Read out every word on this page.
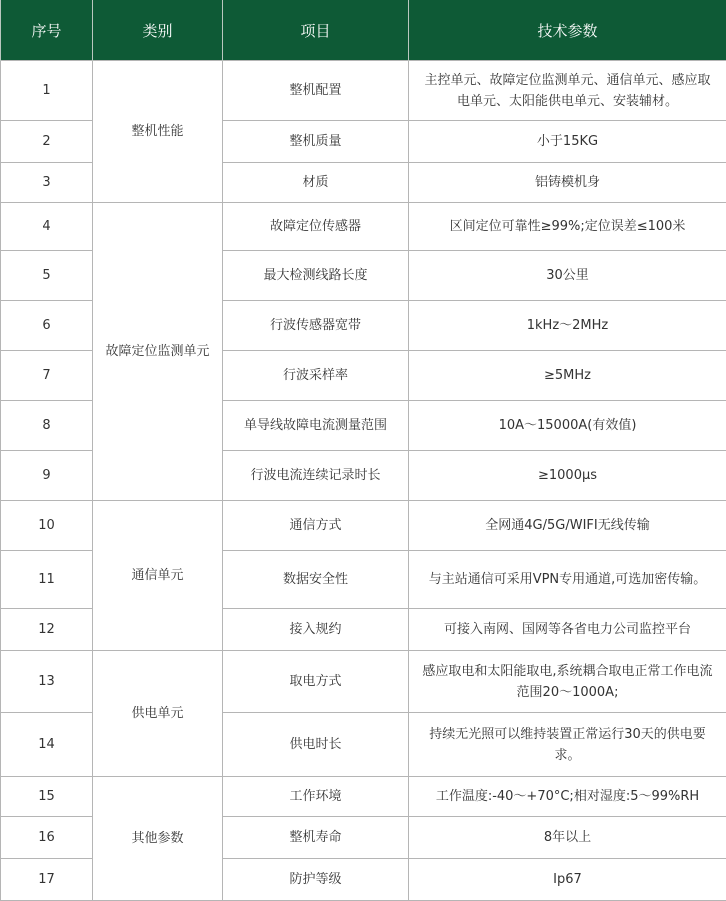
序号	类别	项目	技术参数
1	整机性能	整机配置	主控单元、故障定位监测单元、通信单元、感应取电单元、太阳能供电单元、安装辅材。
2		整机质量	小于15KG
3		材质	铝铸模机身
4	故障定位监测单元	故障定位传感器	区间定位可靠性≥99%;定位误差≤100米
5		最大检测线路长度	30公里
6		行波传感器宽带	1kHz～2MHz
7		行波采样率	≥5MHz
8		单导线故障电流测量范围	10A～15000A(有效值)
9		行波电流连续记录时长	≥1000μs
10	通信单元	通信方式	全网通4G/5G/WIFI无线传输
11		数据安全性	与主站通信可采用VPN专用通道,可选加密传输。
12		接入规约	可接入南网、国网等各省电力公司监控平台
13	供电单元	取电方式	感应取电和太阳能取电,系统耦合取电正常工作电流范围20～1000A;
14		供电时长	持续无光照可以维持装置正常运行30天的供电要求。
15	其他参数	工作环境	工作温度:-40～+70°C;相对湿度:5～99%RH
16		整机寿命	8年以上
17		防护等级	Ip67
